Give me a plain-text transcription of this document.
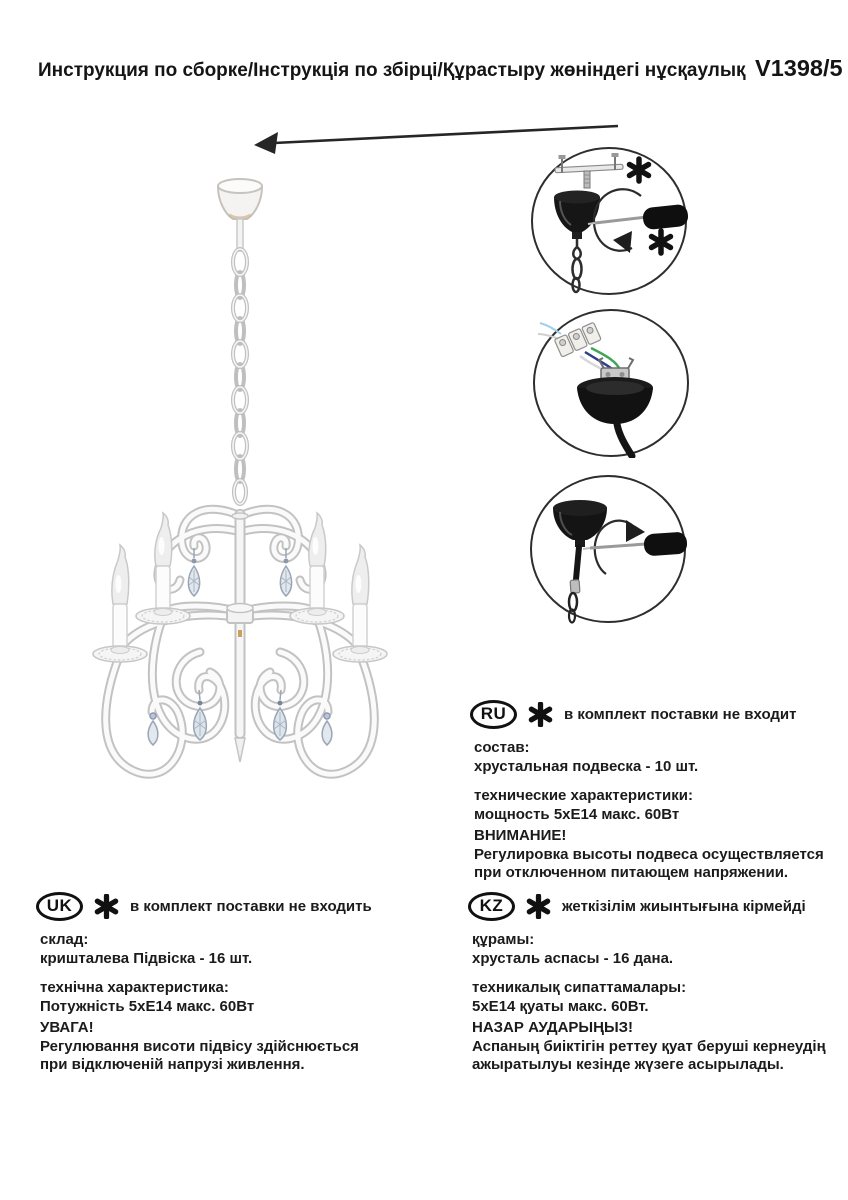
Инструкция по сборке/Інструкція по збірці/Құрастыру жөніндегі нұсқаулық V1398/5
RU	в комплект поставки не входит
состав:
хрустальная подвеска - 10 шт.
технические характеристики:
мощность 5хЕ14 макс. 60Вт
ВНИМАНИЕ!
Регулировка высоты подвеса осуществляется
при отключенном питающем напряжении.
UK	в комплект поставки не входить
склад:
кришталева Підвіска - 16 шт.
технічна характеристика:
Потужність 5хЕ14 макс. 60Вт
УВАГА!
Регулювання висоти підвісу здійснюється
при відключеній напрузі живлення.
KZ	жеткізілім жиынтығына кірмейді
құрамы:
хрусталь аспасы - 16 дана.
техникалық сипаттамалары:
5хЕ14 қуаты макс. 60Вт.
НАЗАР АУДАРЫҢЫЗ!
Аспаның биіктігін реттеу қуат беруші кернеудің
ажыратылуы кезінде жүзеге асырылады.
